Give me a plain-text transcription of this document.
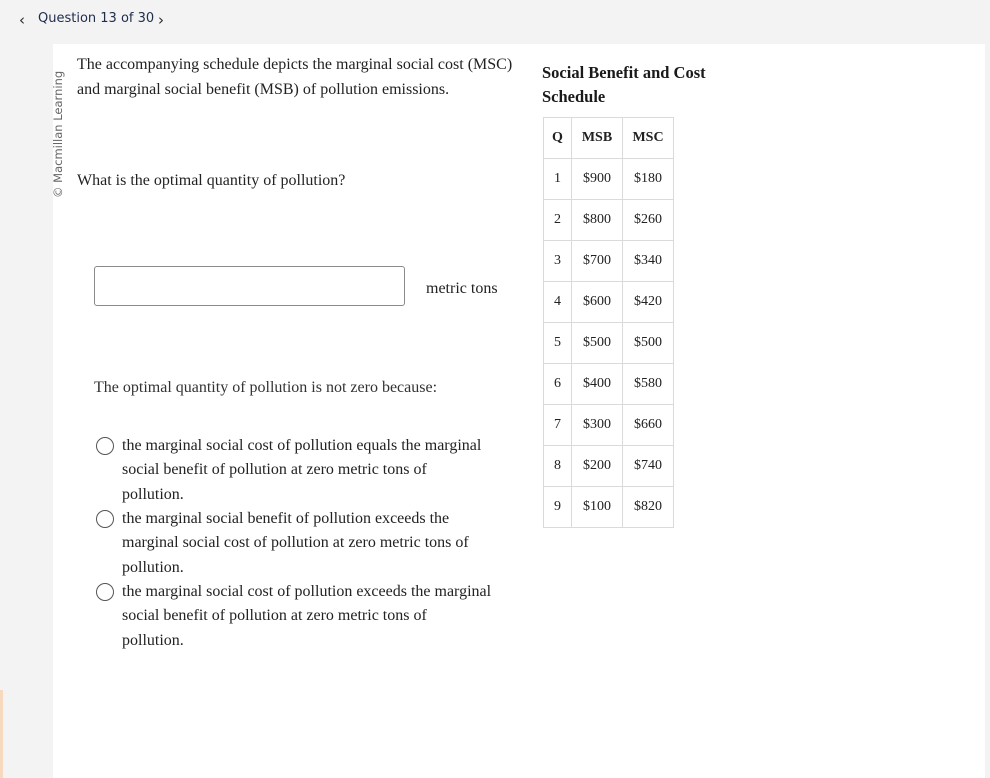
‹	Question 13 of 30 ›
© Macmillan Learning

The accompanying schedule depicts the marginal social cost (MSC) and marginal social benefit (MSB) of pollution emissions.

What is the optimal quantity of pollution?

metric tons
The optimal quantity of pollution is not zero because:
the marginal social cost of pollution equals the marginal social benefit of pollution at zero metric tons of pollution.
the marginal social benefit of pollution exceeds the marginal social cost of pollution at zero metric tons of pollution.
the marginal social cost of pollution exceeds the marginal social benefit of pollution at zero metric tons of pollution.
Social Benefit and Cost Schedule
Q	MSB	MSC
1	$900	$180
2	$800	$260
3	$700	$340
4	$600	$420
5	$500	$500
6	$400	$580
7	$300	$660
8	$200	$740
9	$100	$820
